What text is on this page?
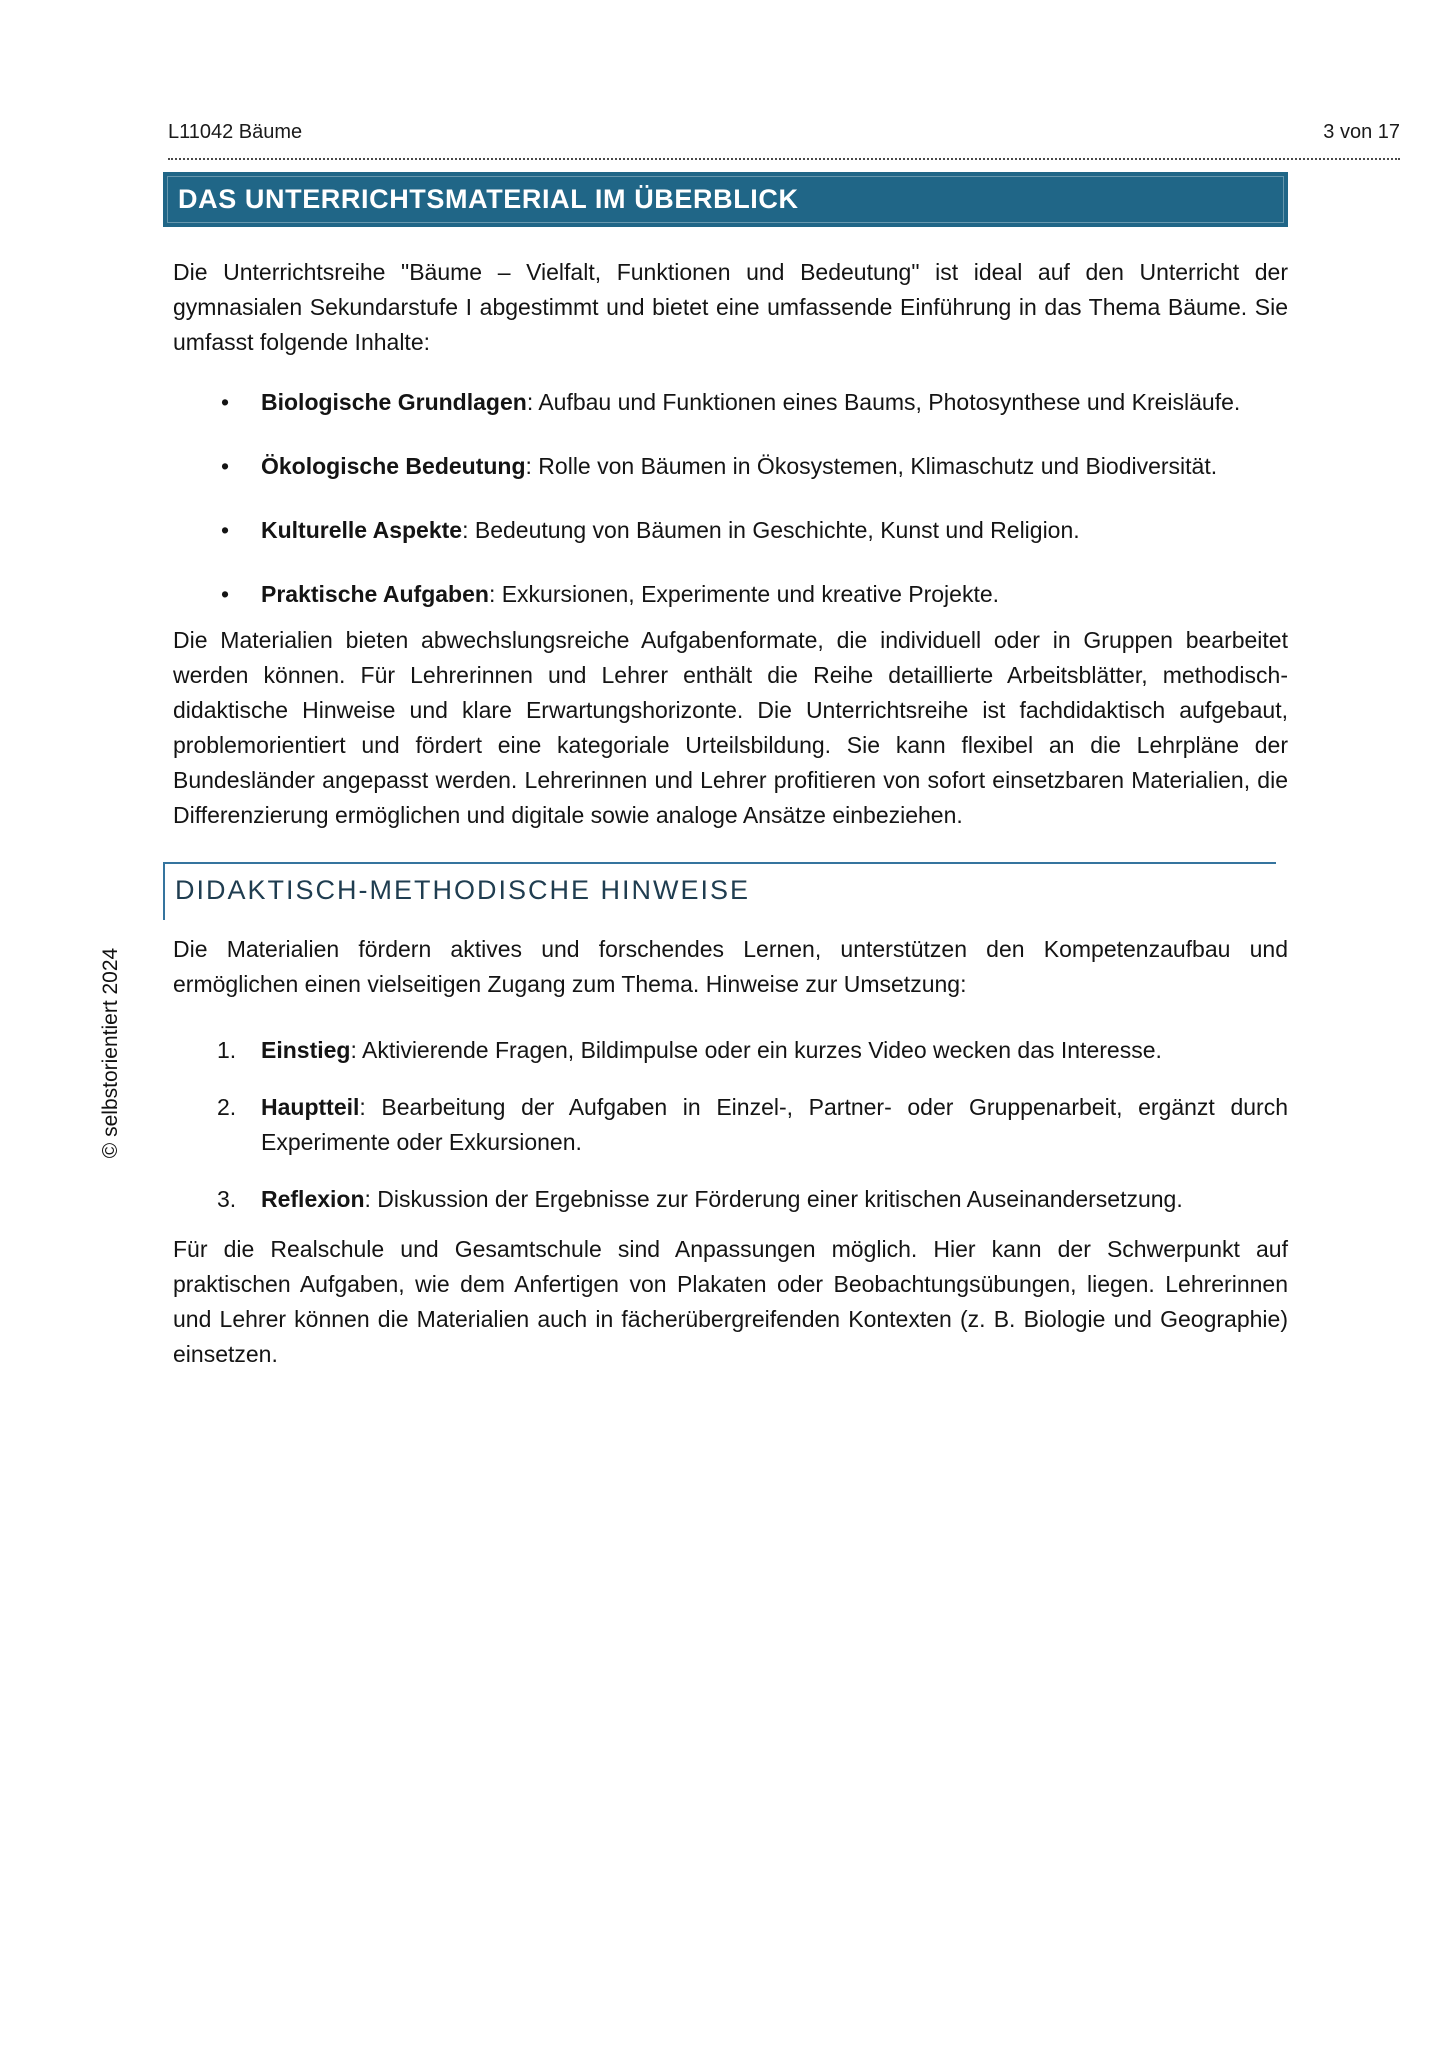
L11042 Bäume	3 von 17
© selbstorientiert 2024
DAS UNTERRICHTSMATERIAL IM ÜBERBLICK

Die Unterrichtsreihe "Bäume – Vielfalt, Funktionen und Bedeutung" ist ideal auf den Unterricht der gymnasialen Sekundarstufe I abgestimmt und bietet eine umfassende Einführung in das Thema Bäume. Sie umfasst folgende Inhalte:

• Biologische Grundlagen: Aufbau und Funktionen eines Baums, Photosynthese und Kreisläufe.
• Ökologische Bedeutung: Rolle von Bäumen in Ökosystemen, Klimaschutz und Biodiversität.
• Kulturelle Aspekte: Bedeutung von Bäumen in Geschichte, Kunst und Religion.
• Praktische Aufgaben: Exkursionen, Experimente und kreative Projekte.

Die Materialien bieten abwechslungsreiche Aufgabenformate, die individuell oder in Gruppen bearbeitet werden können. Für Lehrerinnen und Lehrer enthält die Reihe detaillierte Arbeitsblätter, methodisch-didaktische Hinweise und klare Erwartungshorizonte. Die Unterrichtsreihe ist fachdidaktisch aufgebaut, problemorientiert und fördert eine kategoriale Urteilsbildung. Sie kann flexibel an die Lehrpläne der Bundesländer angepasst werden. Lehrerinnen und Lehrer profitieren von sofort einsetzbaren Materialien, die Differenzierung ermöglichen und digitale sowie analoge Ansätze einbeziehen.

DIDAKTISCH-METHODISCHE HINWEISE

Die Materialien fördern aktives und forschendes Lernen, unterstützen den Kompetenzaufbau und ermöglichen einen vielseitigen Zugang zum Thema. Hinweise zur Umsetzung:

1. Einstieg: Aktivierende Fragen, Bildimpulse oder ein kurzes Video wecken das Interesse.
2. Hauptteil: Bearbeitung der Aufgaben in Einzel-, Partner- oder Gruppenarbeit, ergänzt durch Experimente oder Exkursionen.
3. Reflexion: Diskussion der Ergebnisse zur Förderung einer kritischen Auseinandersetzung.

Für die Realschule und Gesamtschule sind Anpassungen möglich. Hier kann der Schwerpunkt auf praktischen Aufgaben, wie dem Anfertigen von Plakaten oder Beobachtungsübungen, liegen. Lehrerinnen und Lehrer können die Materialien auch in fächerübergreifenden Kontexten (z. B. Biologie und Geographie) einsetzen.
